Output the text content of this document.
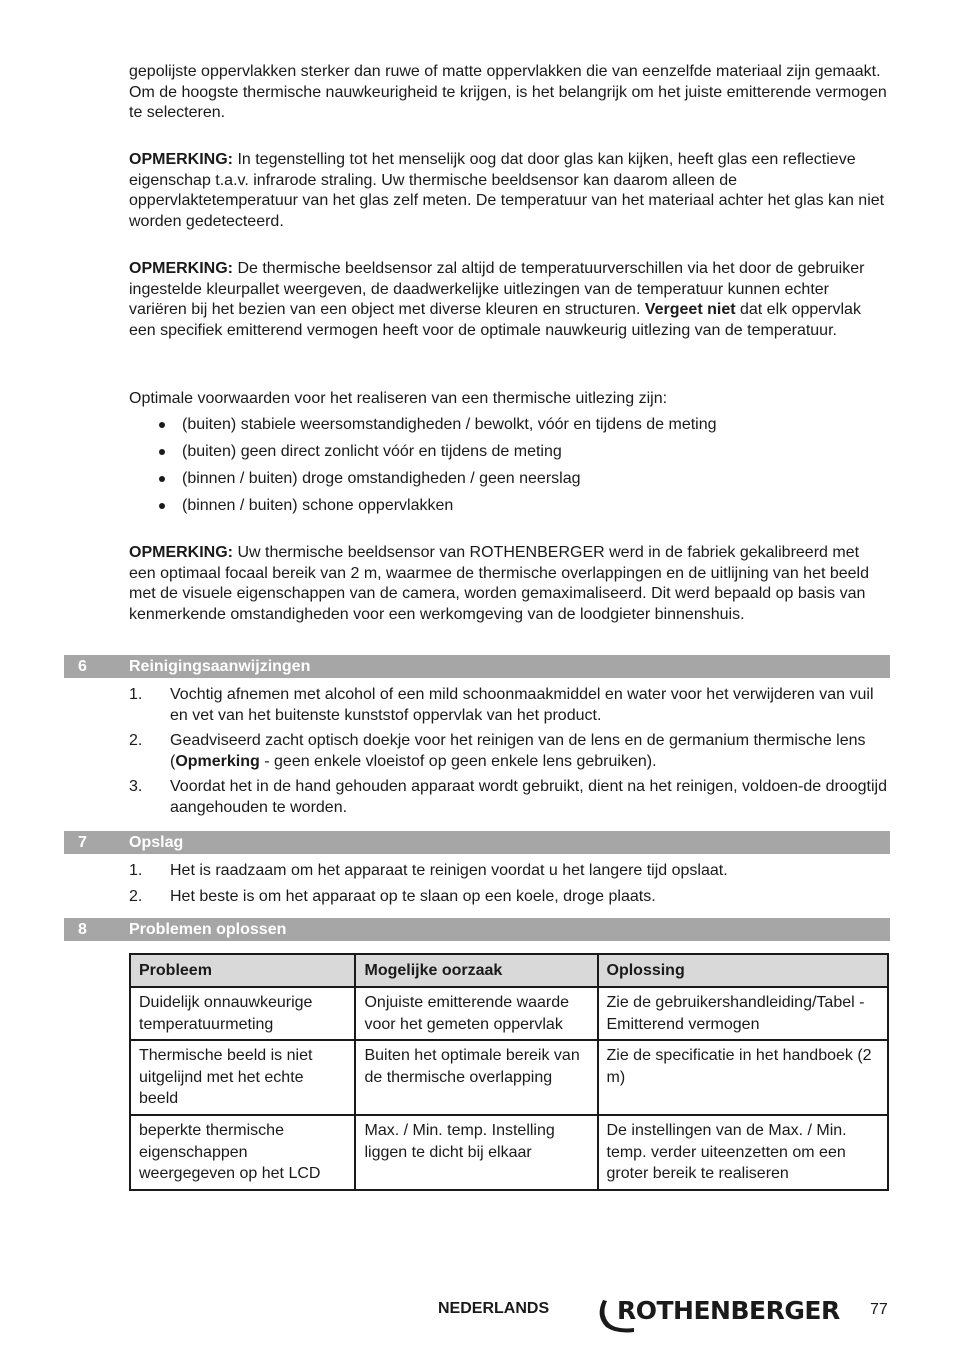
gepolijste oppervlakken sterker dan ruwe of matte oppervlakken die van eenzelfde materiaal zijn gemaakt. Om de hoogste thermische nauwkeurigheid te krijgen, is het belangrijk om het juiste emitterende vermogen te selecteren.

OPMERKING: In tegenstelling tot het menselijk oog dat door glas kan kijken, heeft glas een reflectieve eigenschap t.a.v. infrarode straling. Uw thermische beeldsensor kan daarom alleen de oppervlaktetemperatuur van het glas zelf meten. De temperatuur van het materiaal achter het glas kan niet worden gedetecteerd.

OPMERKING: De thermische beeldsensor zal altijd de temperatuurverschillen via het door de gebruiker ingestelde kleurpallet weergeven, de daadwerkelijke uitlezingen van de temperatuur kunnen echter variëren bij het bezien van een object met diverse kleuren en structuren. Vergeet niet dat elk oppervlak een specifiek emitterend vermogen heeft voor de optimale nauwkeurig uitlezing van de temperatuur.

Optimale voorwaarden voor het realiseren van een thermische uitlezing zijn:

(buiten) stabiele weersomstandigheden / bewolkt, vóór en tijdens de meting
(buiten) geen direct zonlicht vóór en tijdens de meting
(binnen / buiten) droge omstandigheden / geen neerslag
(binnen / buiten) schone oppervlakken

OPMERKING: Uw thermische beeldsensor van ROTHENBERGER werd in de fabriek gekalibreerd met een optimaal focaal bereik van 2 m, waarmee de thermische overlappingen en de uitlijning van het beeld met de visuele eigenschappen van de camera, worden gemaximaliseerd. Dit werd bepaald op basis van kenmerkende omstandigheden voor een werkomgeving van de loodgieter binnenshuis.

6	Reinigingsaanwijzingen
1. Vochtig afnemen met alcohol of een mild schoonmaakmiddel en water voor het verwijderen van vuil en vet van het buitenste kunststof oppervlak van het product.
2. Geadviseerd zacht optisch doekje voor het reinigen van de lens en de germanium thermische lens (Opmerking - geen enkele vloeistof op geen enkele lens gebruiken).
3. Voordat het in de hand gehouden apparaat wordt gebruikt, dient na het reinigen, voldoen-de droogtijd aangehouden te worden.
7	Opslag
1. Het is raadzaam om het apparaat te reinigen voordat u het langere tijd opslaat.
2. Het beste is om het apparaat op te slaan op een koele, droge plaats.
8	Problemen oplossen
Probleem	Mogelijke oorzaak	Oplossing
Duidelijk onnauwkeurige temperatuurmeting	Onjuiste emitterende waarde voor het gemeten oppervlak	Zie de gebruikershandleiding/Tabel - Emitterend vermogen
Thermische beeld is niet uitgelijnd met het echte beeld	Buiten het optimale bereik van de thermische overlapping	Zie de specificatie in het handboek (2 m)
beperkte thermische eigenschappen weergegeven op het LCD	Max. / Min. temp. Instelling liggen te dicht bij elkaar	De instellingen van de Max. / Min. temp. verder uiteenzetten om een groter bereik te realiseren
NEDERLANDS	ROTHENBERGER 77
